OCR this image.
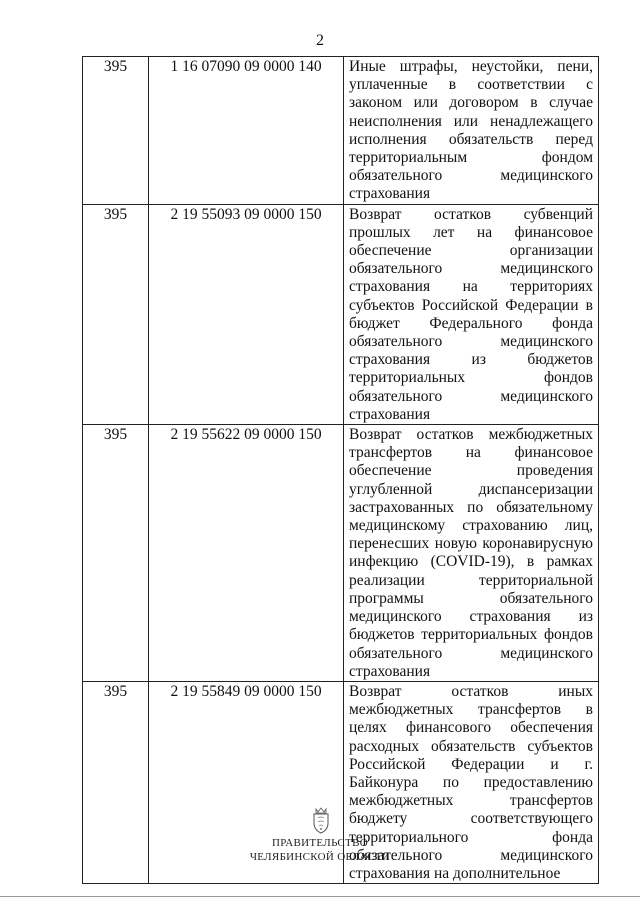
2
395	1 16 07090 09 0000 140	Иные штрафы, неустойки, пени, уплаченные в соответствии с законом или договором в случае неисполнения или ненадлежащего исполнения обязательств перед территориальным фондом обязательного медицинского страхования
395	2 19 55093 09 0000 150	Возврат остатков субвенций прошлых лет на финансовое обеспечение организации обязательного медицинского страхования на территориях субъектов Российской Федерации в бюджет Федерального фонда обязательного медицинского страхования из бюджетов территориальных фондов обязательного медицинского страхования
395	2 19 55622 09 0000 150	Возврат остатков межбюджетных трансфертов на финансовое обеспечение проведения углубленной диспансеризации застрахованных по обязательному медицинскому страхованию лиц, перенесших новую коронавирусную инфекцию (COVID-19), в рамках реализации территориальной программы обязательного медицинского страхования из бюджетов территориальных фондов обязательного медицинского страхования
395	2 19 55849 09 0000 150	Возврат остатков иных межбюджетных трансфертов в целях финансового обеспечения расходных обязательств субъектов Российской Федерации и г. Байконура по предоставлению межбюджетных трансфертов бюджету соответствующего территориального фонда обязательного медицинского страхования на дополнительное
ПРАВИТЕЛЬСТВО
ЧЕЛЯБИНСКОЙ ОБЛАСТИ
